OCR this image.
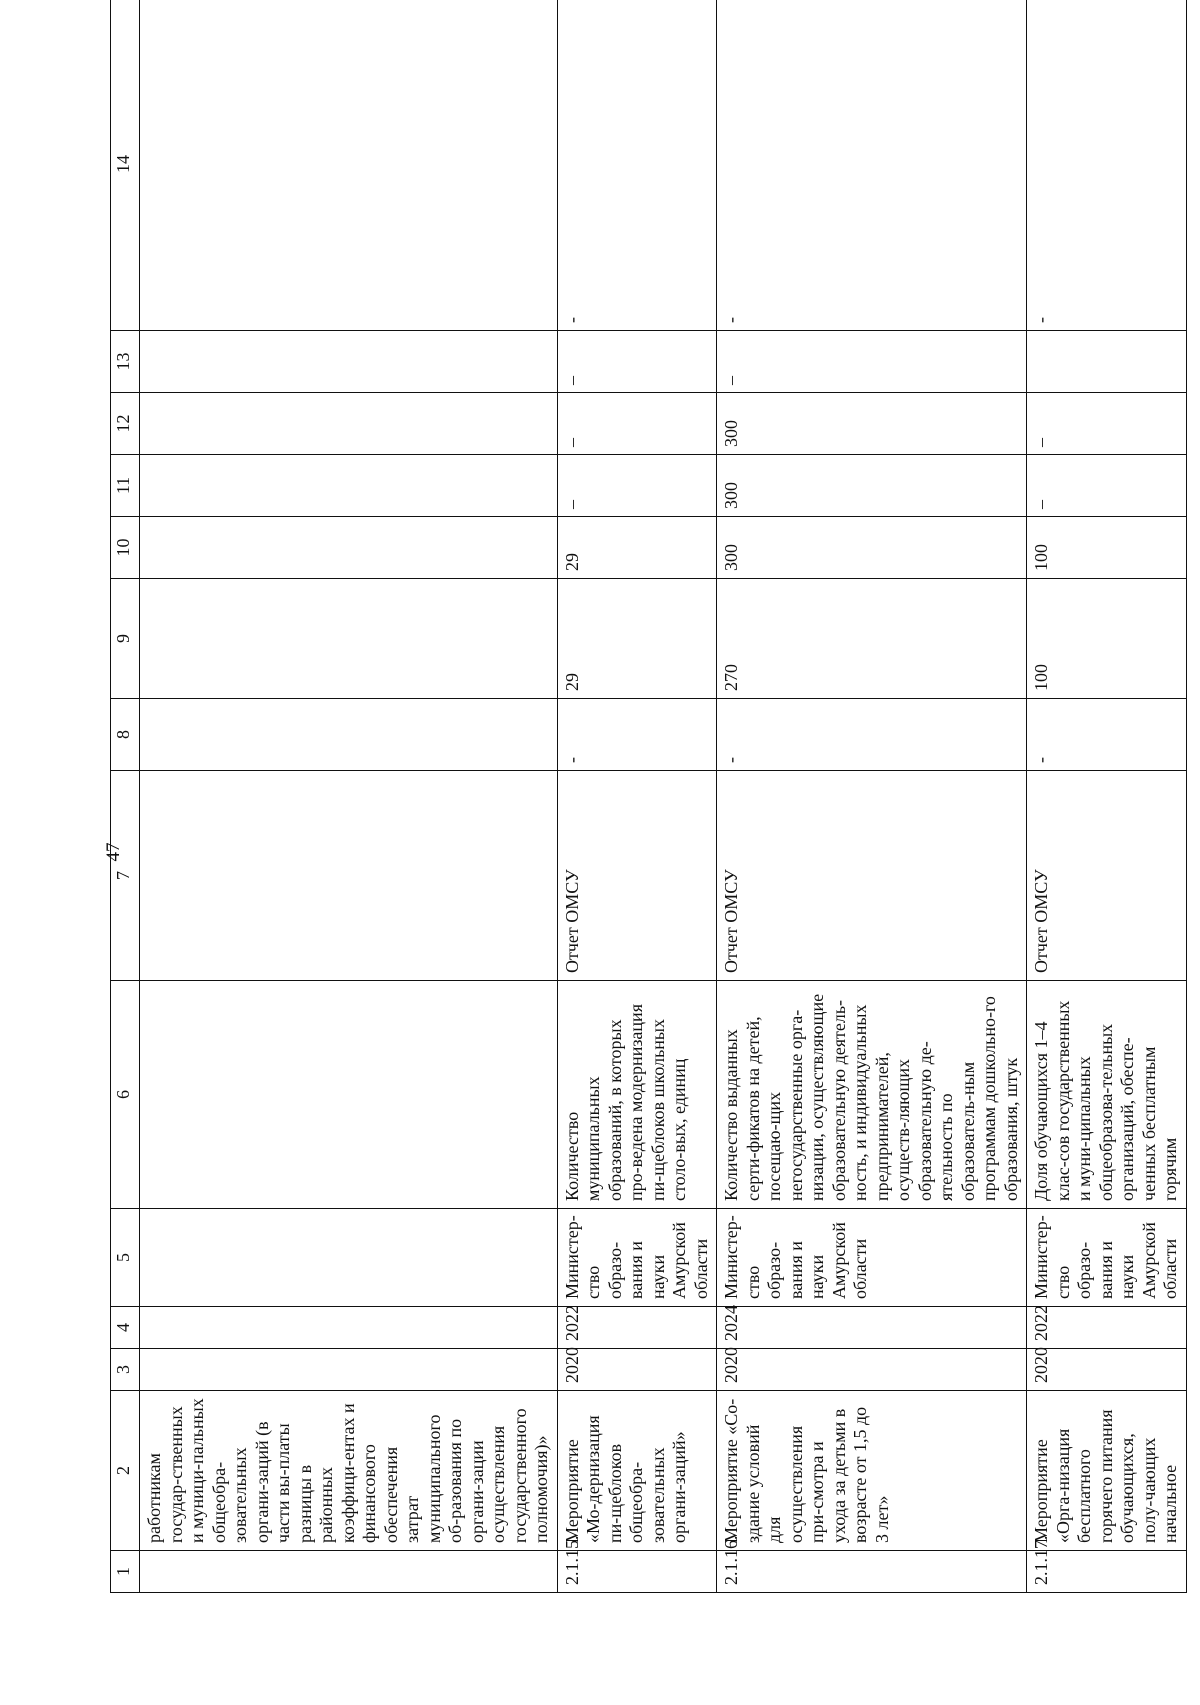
47
1	2	3	4	5	6	7	8	9	10	11	12	13	14
	работникам государ-ственных и муници-пальных общеобра-зовательных органи-заций (в части вы-платы разницы в районных коэффици-ентах и финансового обеспечения затрат муниципального об-разования по органи-зации осуществления государственного полномочия)»												
2.1.15.	Мероприятие «Мо-дернизация пи-щеблоков общеобра-зовательных органи-заций»	2020	2022	Министер-ство образо-вания и науки Амурской области	Количество муниципальных образований, в которых про-ведена модернизация пи-щеблоков школьных столо-вых, единиц	Отчет ОМСУ	-	29	29	–	–	–	-
2.1.16.	Мероприятие «Со-здание условий для осуществления при-смотра и ухода за детьми в возрасте от 1,5 до 3 лет»	2020	2024	Министер-ство образо-вания и науки Амурской области	Количество выданных серти-фикатов на детей, посещаю-щих негосударственные орга-низации, осуществляющие образовательную деятель-ность, и индивидуальных предпринимателей, осуществ-ляющих образовательную де-ятельность по образователь-ным программам дошкольно-го образования, штук	Отчет ОМСУ	-	270	300	300	300	–	-
2.1.17.	Мероприятие «Орга-низация бесплатного горячего питания обучающихся, полу-чающих начальное	2020	2022	Министер-ство образо-вания и науки Амурской области	Доля обучающихся 1–4 клас-сов государственных и муни-ципальных общеобразова-тельных организаций, обеспе-ченных бесплатным горячим	Отчет ОМСУ	-	100	100	–	–		-
